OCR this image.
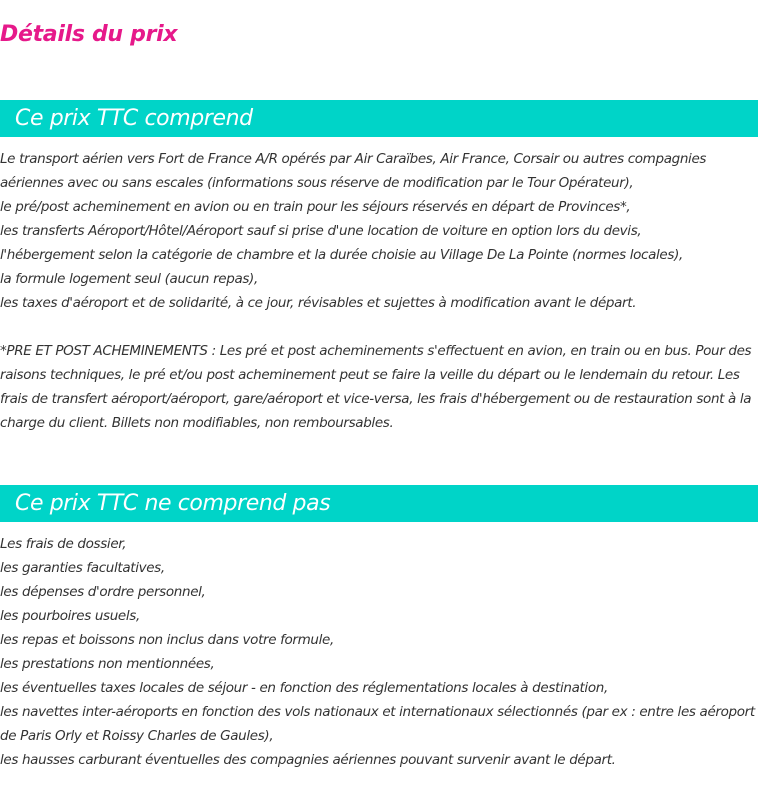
Détails du prix
Ce prix TTC comprend
Le transport aérien vers Fort de France A/R opérés par Air Caraïbes, Air France, Corsair ou autres compagnies aériennes avec ou sans escales (informations sous réserve de modification par le Tour Opérateur),
le pré/post acheminement en avion ou en train pour les séjours réservés en départ de Provinces*,
les transferts Aéroport/Hôtel/Aéroport sauf si prise d'une location de voiture en option lors du devis,
l'hébergement selon la catégorie de chambre et la durée choisie au Village De La Pointe (normes locales),
la formule logement seul (aucun repas),
les taxes d'aéroport et de solidarité, à ce jour, révisables et sujettes à modification avant le départ.

*PRE ET POST ACHEMINEMENTS : Les pré et post acheminements s'effectuent en avion, en train ou en bus. Pour des raisons techniques, le pré et/ou post acheminement peut se faire la veille du départ ou le lendemain du retour. Les frais de transfert aéroport/aéroport, gare/aéroport et vice-versa, les frais d'hébergement ou de restauration sont à la charge du client. Billets non modifiables, non remboursables.

Ce prix TTC ne comprend pas
Les frais de dossier,
les garanties facultatives,
les dépenses d'ordre personnel,
les pourboires usuels,
les repas et boissons non inclus dans votre formule,
les prestations non mentionnées,
les éventuelles taxes locales de séjour - en fonction des réglementations locales à destination,
les navettes inter-aéroports en fonction des vols nationaux et internationaux sélectionnés (par ex : entre les aéroport de Paris Orly et Roissy Charles de Gaules),
les hausses carburant éventuelles des compagnies aériennes pouvant survenir avant le départ.
